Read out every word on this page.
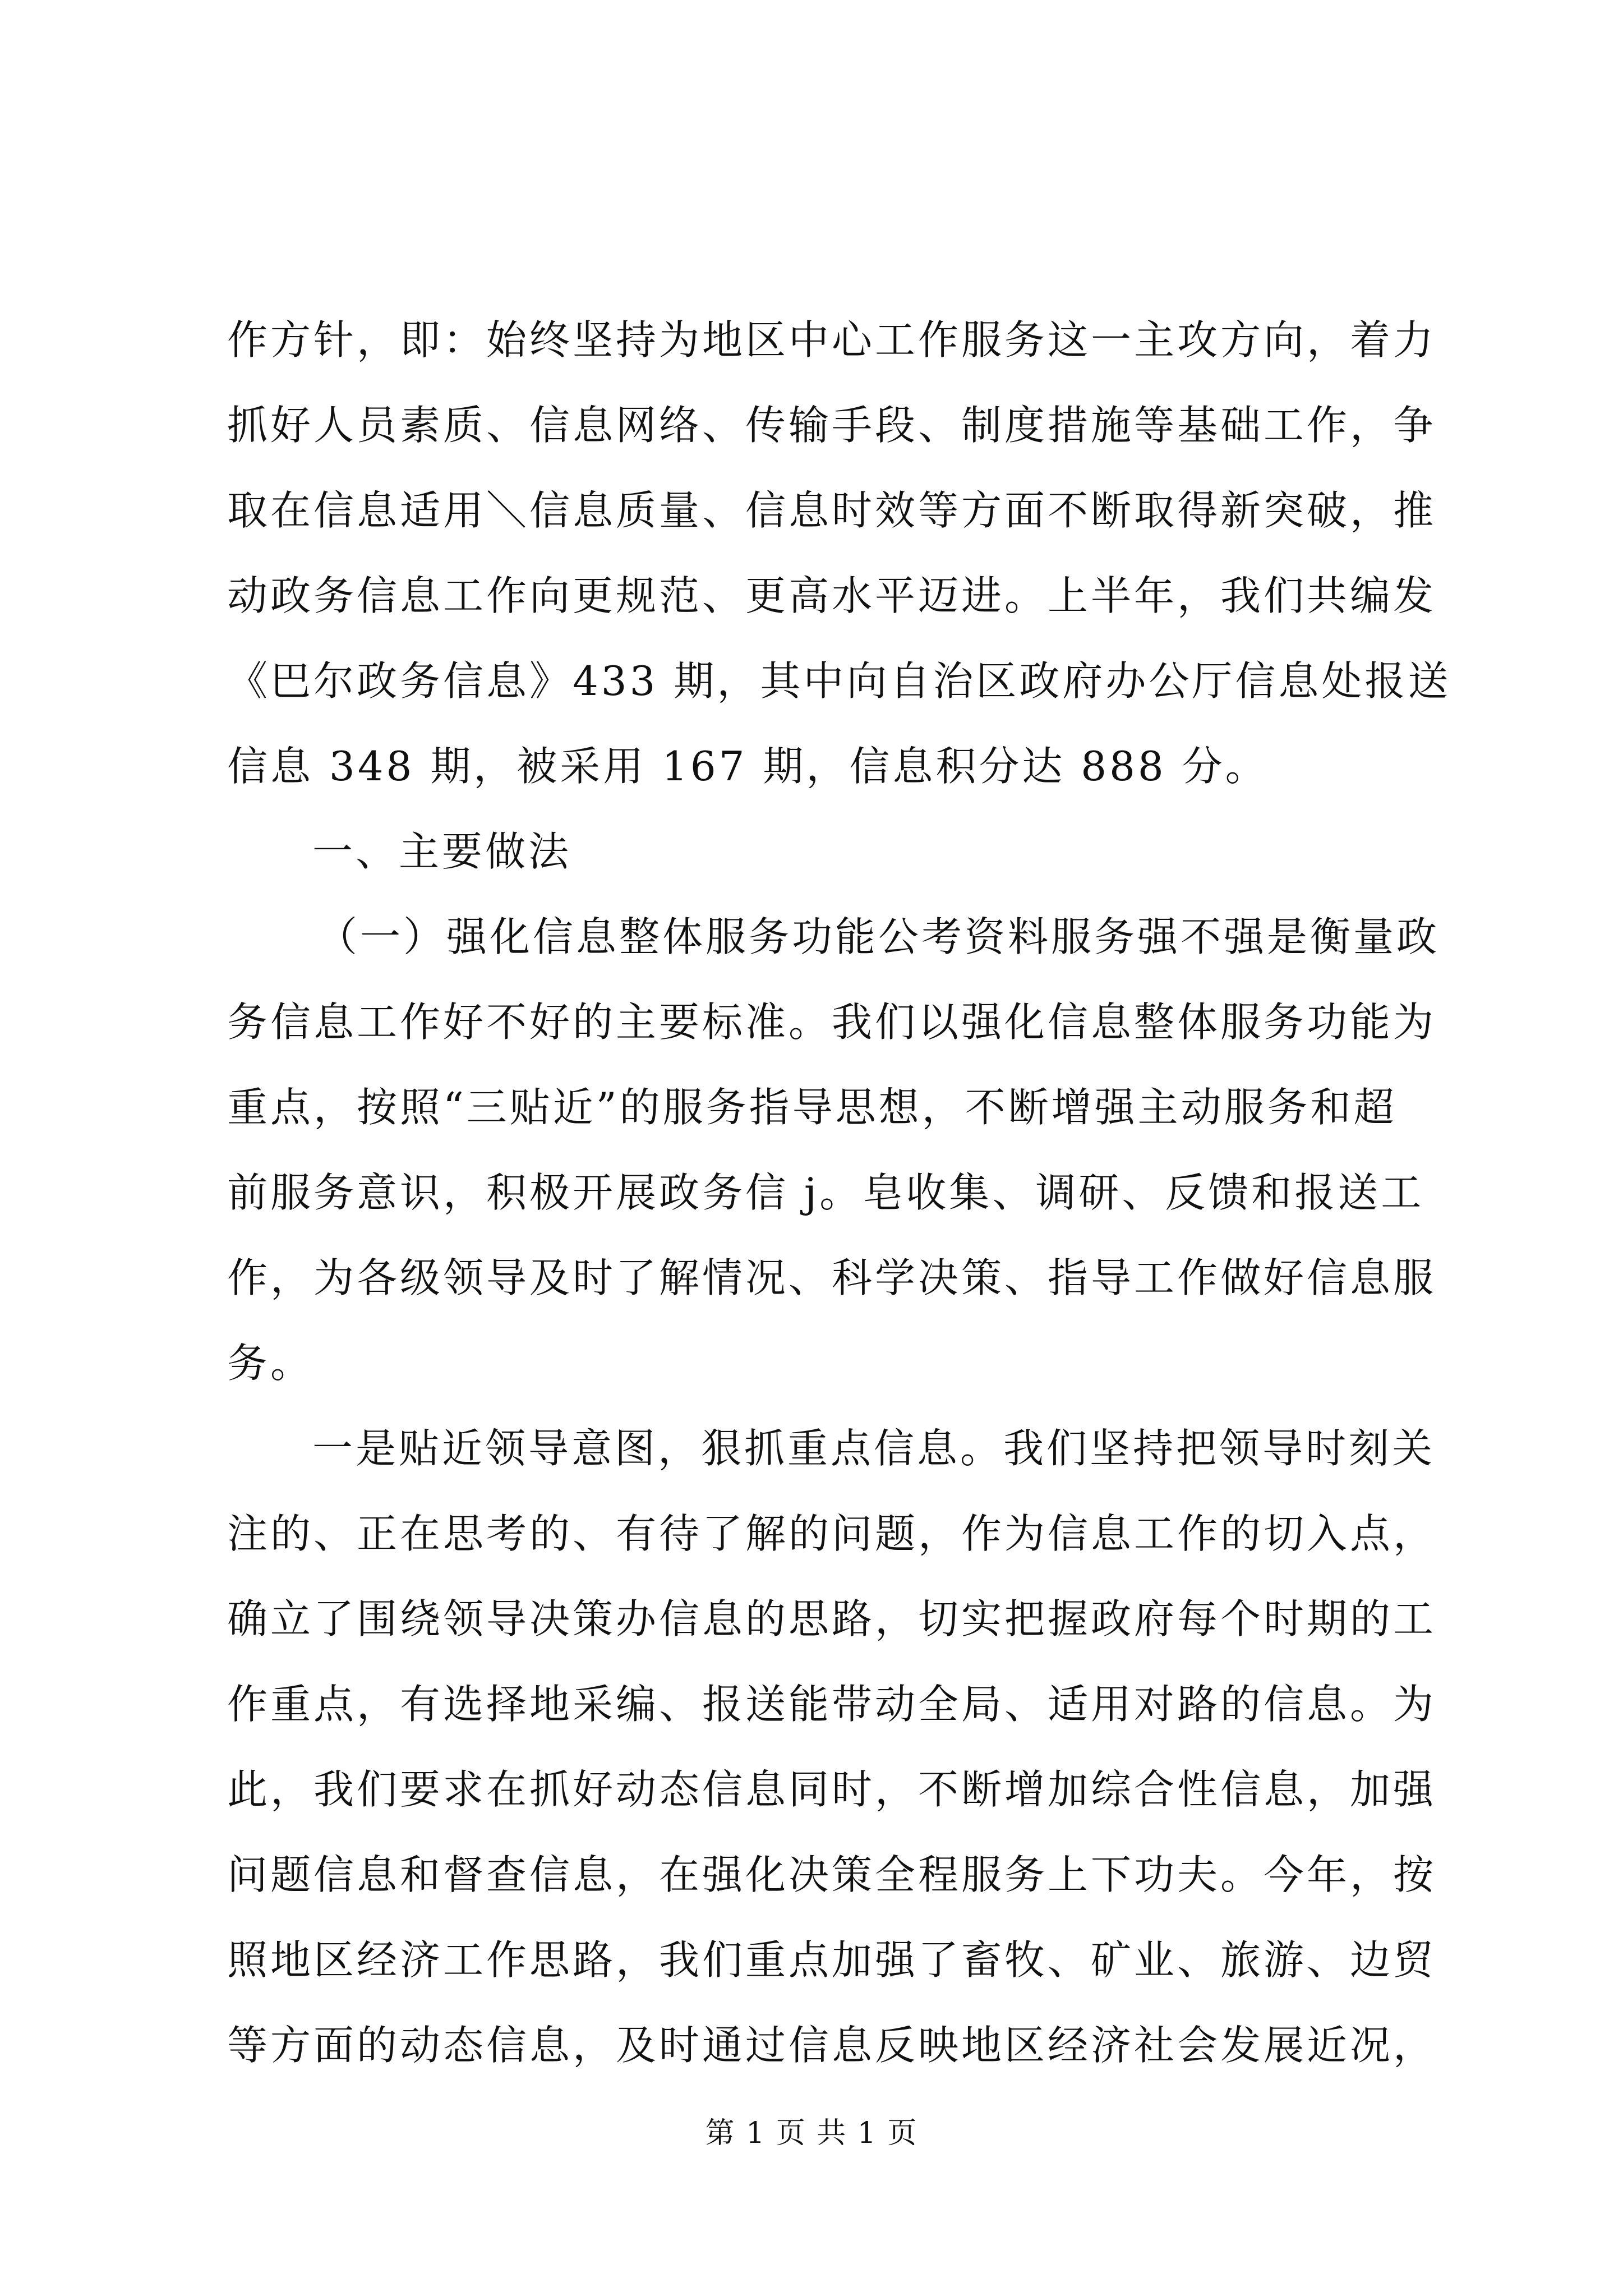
作方针，即：始终坚持为地区中心工作服务这一主攻方向，着力
抓好人员素质、信息网络、传输手段、制度措施等基础工作，争
取在信息适用＼信息质量、信息时效等方面不断取得新突破，推
动政务信息工作向更规范、更高水平迈进。上半年，我们共编发
《巴尔政务信息》433 期，其中向自治区政府办公厅信息处报送
信息 348 期，被采用 167 期，信息积分达 888 分。
一、主要做法
（一）强化信息整体服务功能公考资料服务强不强是衡量政
务信息工作好不好的主要标准。我们以强化信息整体服务功能为
重点，按照“三贴近”的服务指导思想，不断增强主动服务和超
前服务意识，积极开展政务信 j。皂收集、调研、反馈和报送工
作，为各级领导及时了解情况、科学决策、指导工作做好信息服
务。
一是贴近领导意图，狠抓重点信息。我们坚持把领导时刻关
注的、正在思考的、有待了解的问题，作为信息工作的切入点，
确立了围绕领导决策办信息的思路，切实把握政府每个时期的工
作重点，有选择地采编、报送能带动全局、适用对路的信息。为
此，我们要求在抓好动态信息同时，不断增加综合性信息，加强
问题信息和督查信息，在强化决策全程服务上下功夫。今年，按
照地区经济工作思路，我们重点加强了畜牧、矿业、旅游、边贸
等方面的动态信息，及时通过信息反映地区经济社会发展近况，
第 1 页 共 1 页
